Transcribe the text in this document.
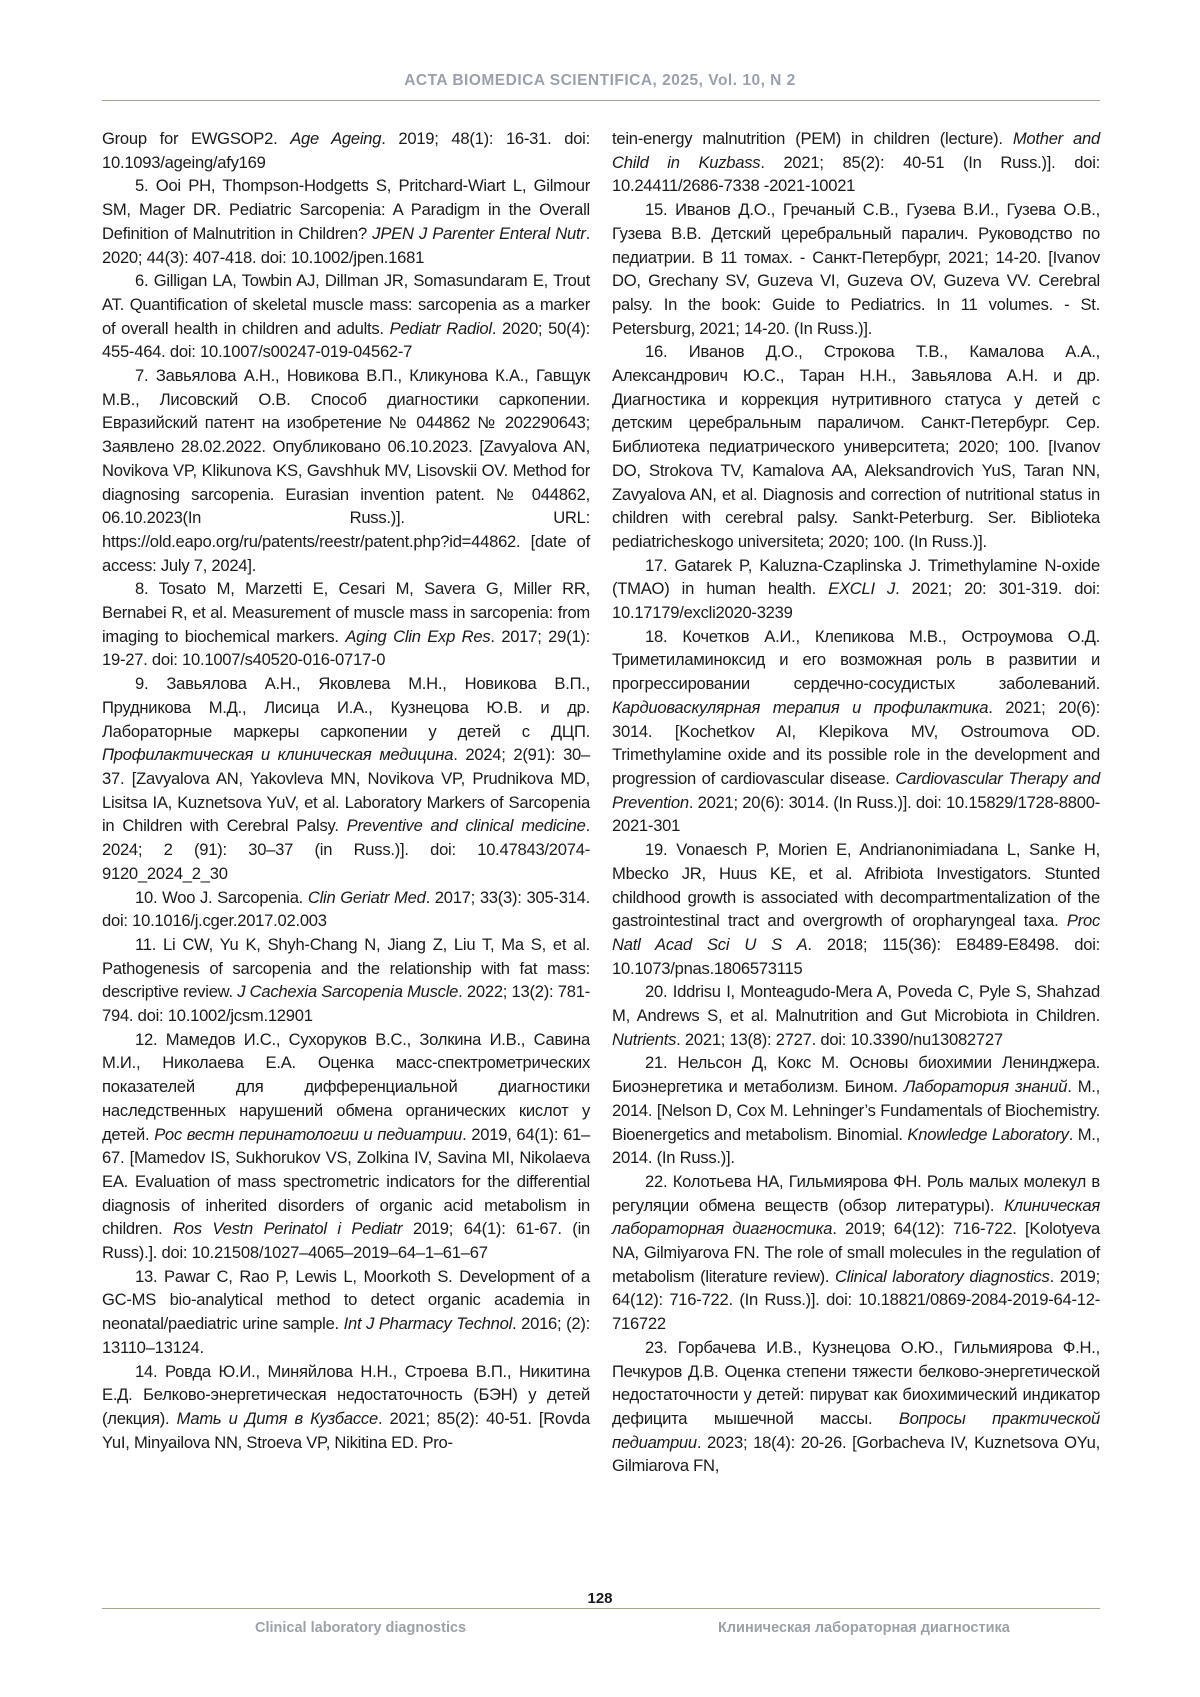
ACTA BIOMEDICA SCIENTIFICA, 2025, Vol. 10, N 2

Group for EWGSOP2. Age Ageing. 2019; 48(1): 16-31. doi: 10.1093/ageing/afy169

5. Ooi PH, Thompson-Hodgetts S, Pritchard-Wiart L, Gilmour SM, Mager DR. Pediatric Sarcopenia: A Paradigm in the Overall Definition of Malnutrition in Children? JPEN J Parenter Enteral Nutr. 2020; 44(3): 407-418. doi: 10.1002/jpen.1681

6. Gilligan LA, Towbin AJ, Dillman JR, Somasundaram E, Trout AT. Quantification of skeletal muscle mass: sarcopenia as a marker of overall health in children and adults. Pediatr Radiol. 2020; 50(4): 455-464. doi: 10.1007/s00247-019-04562-7

7. Завьялова А.Н., Новикова В.П., Кликунова К.А., Гавщук М.В., Лисовский О.В. Способ диагностики саркопении. Евразийский патент на изобретение № 044862 № 202290643; Заявлено 28.02.2022. Опубликовано 06.10.2023. [Zavyalova AN, Novikova VP, Klikunova KS, Gavshhuk MV, Lisovskii OV. Method for diagnosing sarcopenia. Eurasian invention patent. № 044862, 06.10.2023(In Russ.)]. URL: https://old.eapo.org/ru/patents/reestr/patent.php?id=44862. [date of access: July 7, 2024].

8. Tosato M, Marzetti E, Cesari M, Savera G, Miller RR, Bernabei R, et al. Measurement of muscle mass in sarcopenia: from imaging to biochemical markers. Aging Clin Exp Res. 2017; 29(1): 19-27. doi: 10.1007/s40520-016-0717-0

9. Завьялова А.Н., Яковлева М.Н., Новикова В.П., Прудникова М.Д., Лисица И.А., Кузнецова Ю.В. и др. Лабораторные маркеры саркопении у детей с ДЦП. Профилактическая и клиническая медицина. 2024; 2(91): 30–37. [Zavyalova AN, Yakovleva MN, Novikova VP, Prudnikova MD, Lisitsa IA, Kuznetsova YuV, et al. Laboratory Markers of Sarcopenia in Children with Cerebral Palsy. Preventive and clinical medicine. 2024; 2 (91): 30–37 (in Russ.)]. doi: 10.47843/2074-9120_2024_2_30

10. Woo J. Sarcopenia. Clin Geriatr Med. 2017; 33(3): 305-314. doi: 10.1016/j.cger.2017.02.003

11. Li CW, Yu K, Shyh-Chang N, Jiang Z, Liu T, Ma S, et al. Pathogenesis of sarcopenia and the relationship with fat mass: descriptive review. J Cachexia Sarcopenia Muscle. 2022; 13(2): 781-794. doi: 10.1002/jcsm.12901

12. Мамедов И.С., Сухоруков В.С., Золкина И.В., Савина М.И., Николаева Е.А. Оценка масс-спектрометрических показателей для дифференциальной диагностики наследственных нарушений обмена органических кислот у детей. Рос вестн перинатологии и педиатрии. 2019, 64(1): 61–67. [Mamedov IS, Sukhorukov VS, Zolkina IV, Savina MI, Nikolaeva EA. Evaluation of mass spectrometric indicators for the differential diagnosis of inherited disorders of organic acid metabolism in children. Ros Vestn Perinatol i Pediatr 2019; 64(1): 61-67. (in Russ).]. doi: 10.21508/1027–4065–2019–64–1–61–67

13. Pawar C, Rao P, Lewis L, Moorkoth S. Development of a GC-MS bio-analytical method to detect organic academia in neonatal/paediatric urine sample. Int J Pharmacy Technol. 2016; (2): 13110–13124.

14. Ровда Ю.И., Миняйлова Н.Н., Строева В.П., Никитина Е.Д. Белково-энергетическая недостаточность (БЭН) у детей (лекция). Мать и Дитя в Кузбассе. 2021; 85(2): 40-51. [Rovda YuI, Minyailova NN, Stroeva VP, Nikitina ED. Pro-

tein-energy malnutrition (PEM) in children (lecture). Mother and Child in Kuzbass. 2021; 85(2): 40-51 (In Russ.)]. doi: 10.24411/2686-7338 -2021-10021

15. Иванов Д.О., Гречаный С.В., Гузева В.И., Гузева О.В., Гузева В.В. Детский церебральный паралич. Руководство по педиатрии. В 11 томах. - Санкт-Петербург, 2021; 14-20. [Ivanov DO, Grechany SV, Guzeva VI, Guzeva OV, Guzeva VV. Cerebral palsy. In the book: Guide to Pediatrics. In 11 volumes. - St. Petersburg, 2021; 14-20. (In Russ.)].

16. Иванов Д.О., Строкова Т.В., Камалова А.А., Александрович Ю.С., Таран Н.Н., Завьялова А.Н. и др. Диагностика и коррекция нутритивного статуса у детей с детским церебральным параличом. Санкт-Петербург. Сер. Библиотека педиатрического университета; 2020; 100. [Ivanov DO, Strokova TV, Kamalova AA, Aleksandrovich YuS, Taran NN, Zavyalova AN, et al. Diagnosis and correction of nutritional status in children with cerebral palsy. Sankt-Peterburg. Ser. Biblioteka pediatricheskogo universiteta; 2020; 100. (In Russ.)].

17. Gatarek P, Kaluzna-Czaplinska J. Trimethylamine N-oxide (TMAO) in human health. EXCLI J. 2021; 20: 301-319. doi: 10.17179/excli2020-3239

18. Кочетков А.И., Клепикова М.В., Остроумова О.Д. Триметиламиноксид и его возможная роль в развитии и прогрессировании сердечно-сосудистых заболеваний. Кардиоваскулярная терапия и профилактика. 2021; 20(6): 3014. [Kochetkov AI, Klepikova MV, Ostroumova OD. Trimethylamine oxide and its possible role in the development and progression of cardiovascular disease. Cardiovascular Therapy and Prevention. 2021; 20(6): 3014. (In Russ.)]. doi: 10.15829/1728-8800-2021-301

19. Vonaesch P, Morien E, Andrianonimiadana L, Sanke H, Mbecko JR, Huus KE, et al. Afribiota Investigators. Stunted childhood growth is associated with decompartmentalization of the gastrointestinal tract and overgrowth of oropharyngeal taxa. Proc Natl Acad Sci U S A. 2018; 115(36): E8489-E8498. doi: 10.1073/pnas.1806573115

20. Iddrisu I, Monteagudo-Mera A, Poveda C, Pyle S, Shahzad M, Andrews S, et al. Malnutrition and Gut Microbiota in Children. Nutrients. 2021; 13(8): 2727. doi: 10.3390/nu13082727

21. Нельсон Д, Кокс М. Основы биохимии Ленинджера. Биоэнергетика и метаболизм. Бином. Лаборатория знаний. М., 2014. [Nelson D, Cox M. Lehninger’s Fundamentals of Biochemistry. Bioenergetics and metabolism. Binomial. Knowledge Laboratory. M., 2014. (In Russ.)].

22. Колотьева НА, Гильмиярова ФН. Роль малых молекул в регуляции обмена веществ (обзор литературы). Клиническая лабораторная диагностика. 2019; 64(12): 716-722. [Kolotyeva NA, Gilmiyarova FN. The role of small molecules in the regulation of metabolism (literature review). Clinical laboratory diagnostics. 2019; 64(12): 716-722. (In Russ.)]. doi: 10.18821/0869-2084-2019-64-12-716722

23. Горбачева И.В., Кузнецова О.Ю., Гильмиярова Ф.Н., Печкуров Д.В. Оценка степени тяжести белково-энергетической недостаточности у детей: пируват как биохимический индикатор дефицита мышечной массы. Вопросы практической педиатрии. 2023; 18(4): 20-26. [Gorbacheva IV, Kuznetsova OYu, Gilmiarova FN,

128
Clinical laboratory diagnostics	Клиническая лабораторная диагностика
